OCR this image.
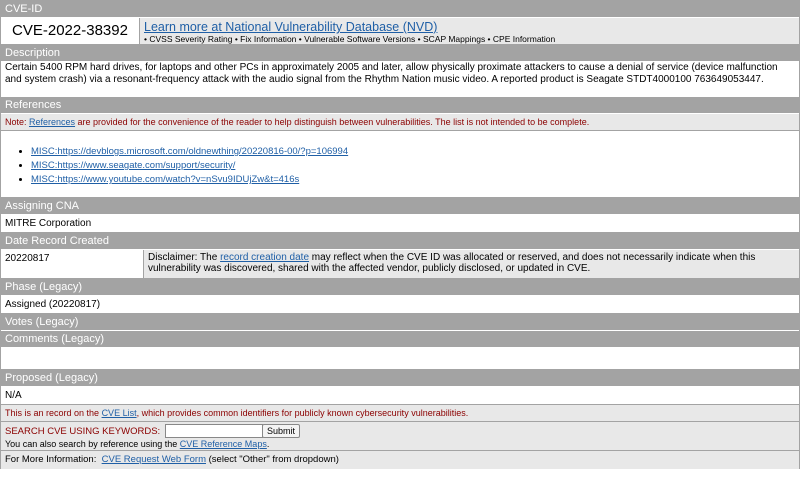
CVE-ID
CVE-2022-38392	Learn more at National Vulnerability Database (NVD)
• CVSS Severity Rating • Fix Information • Vulnerable Software Versions • SCAP Mappings • CPE Information
Description
Certain 5400 RPM hard drives, for laptops and other PCs in approximately 2005 and later, allow physically proximate attackers to cause a denial of service (device malfunction and system crash) via a resonant-frequency attack with the audio signal from the Rhythm Nation music video. A reported product is Seagate STDT4000100 763649053447.
References
Note: References are provided for the convenience of the reader to help distinguish between vulnerabilities. The list is not intended to be complete.
• MISC:https://devblogs.microsoft.com/oldnewthing/20220816-00/?p=106994
• MISC:https://www.seagate.com/support/security/
• MISC:https://www.youtube.com/watch?v=nSvu9IDUjZw&t=416s
Assigning CNA
MITRE Corporation
Date Record Created
20220817	Disclaimer: The record creation date may reflect when the CVE ID was allocated or reserved, and does not necessarily indicate when this vulnerability was discovered, shared with the affected vendor, publicly disclosed, or updated in CVE.
Phase (Legacy)
Assigned (20220817)
Votes (Legacy)
Comments (Legacy)
Proposed (Legacy)
N/A
This is an record on the CVE List, which provides common identifiers for publicly known cybersecurity vulnerabilities.
SEARCH CVE USING KEYWORDS:	Submit
You can also search by reference using the CVE Reference Maps.
For More Information: CVE Request Web Form (select "Other" from dropdown)
